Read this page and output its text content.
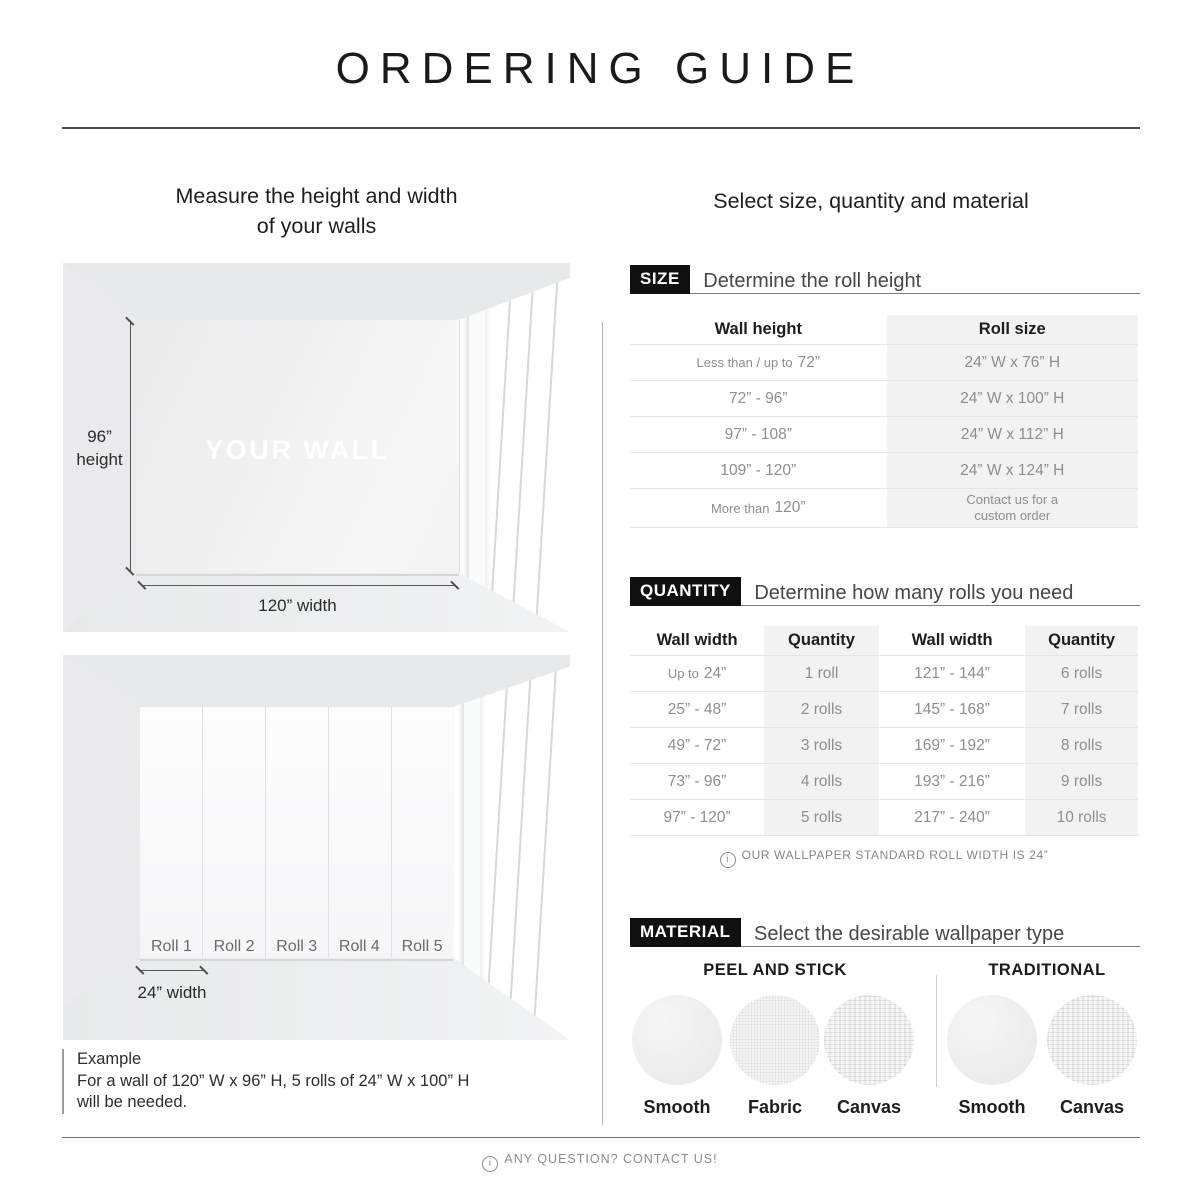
ORDERING GUIDE
Measure the height and width
of your walls
Select size, quantity and material
YOUR WALL
96”
height
120” width
Roll 1	Roll 2	Roll 3	Roll 4	Roll 5
24” width
Example
For a wall of 120” W x 96” H, 5 rolls of 24” W x 100” H
will be needed.
SIZE Determine the roll height
Wall height	Roll size
Less than / up to 72”	24” W x 76” H
72” - 96”	24” W x 100” H
97” - 108”	24” W x 112” H
109” - 120”	24” W x 124” H
More than 120”	Contact us for a
custom order
QUANTITY Determine how many rolls you need
Wall width	Quantity	Wall width	Quantity
Up to 24”	1 roll	121” - 144”	6 rolls
25” - 48”	2 rolls	145” - 168”	7 rolls
49” - 72”	3 rolls	169” - 192”	8 rolls
73” - 96”	4 rolls	193” - 216”	9 rolls
97” - 120”	5 rolls	217” - 240”	10 rolls
i OUR WALLPAPER STANDARD ROLL WIDTH IS 24”
MATERIAL Select the desirable wallpaper type
PEEL AND STICK	TRADITIONAL
Smooth	Fabric	Canvas	Smooth	Canvas
i ANY QUESTION? CONTACT US!
